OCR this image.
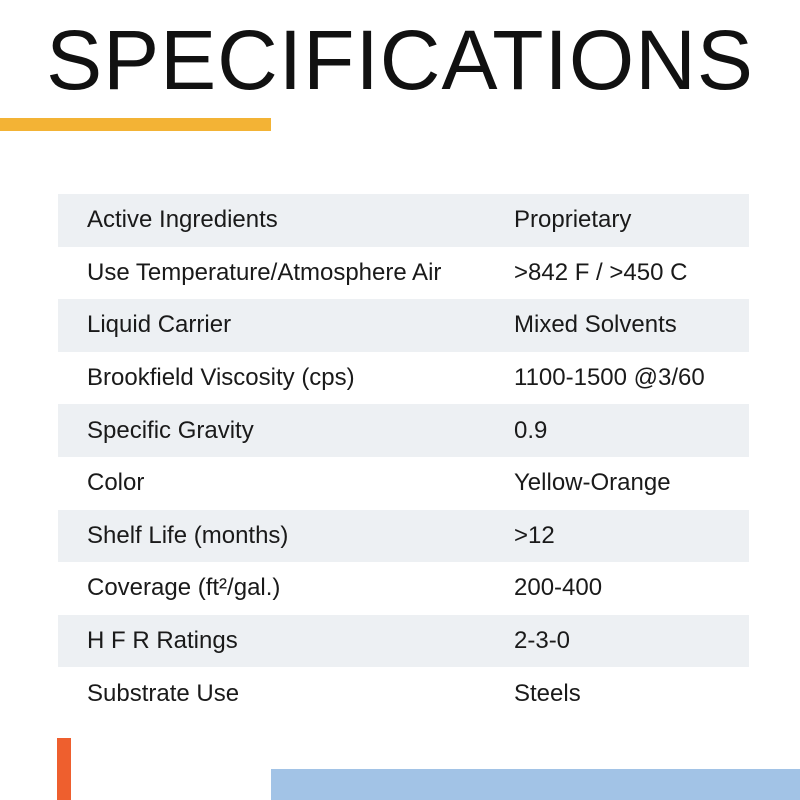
SPECIFICATIONS
Active Ingredients	Proprietary
Use Temperature/Atmosphere Air	>842 F / >450 C
Liquid Carrier	Mixed Solvents
Brookfield Viscosity (cps)	1100-1500 @3/60
Specific Gravity	0.9
Color	Yellow-Orange
Shelf Life (months)	>12
Coverage (ft²/gal.)	200-400
H F R Ratings	2-3-0
Substrate Use	Steels
